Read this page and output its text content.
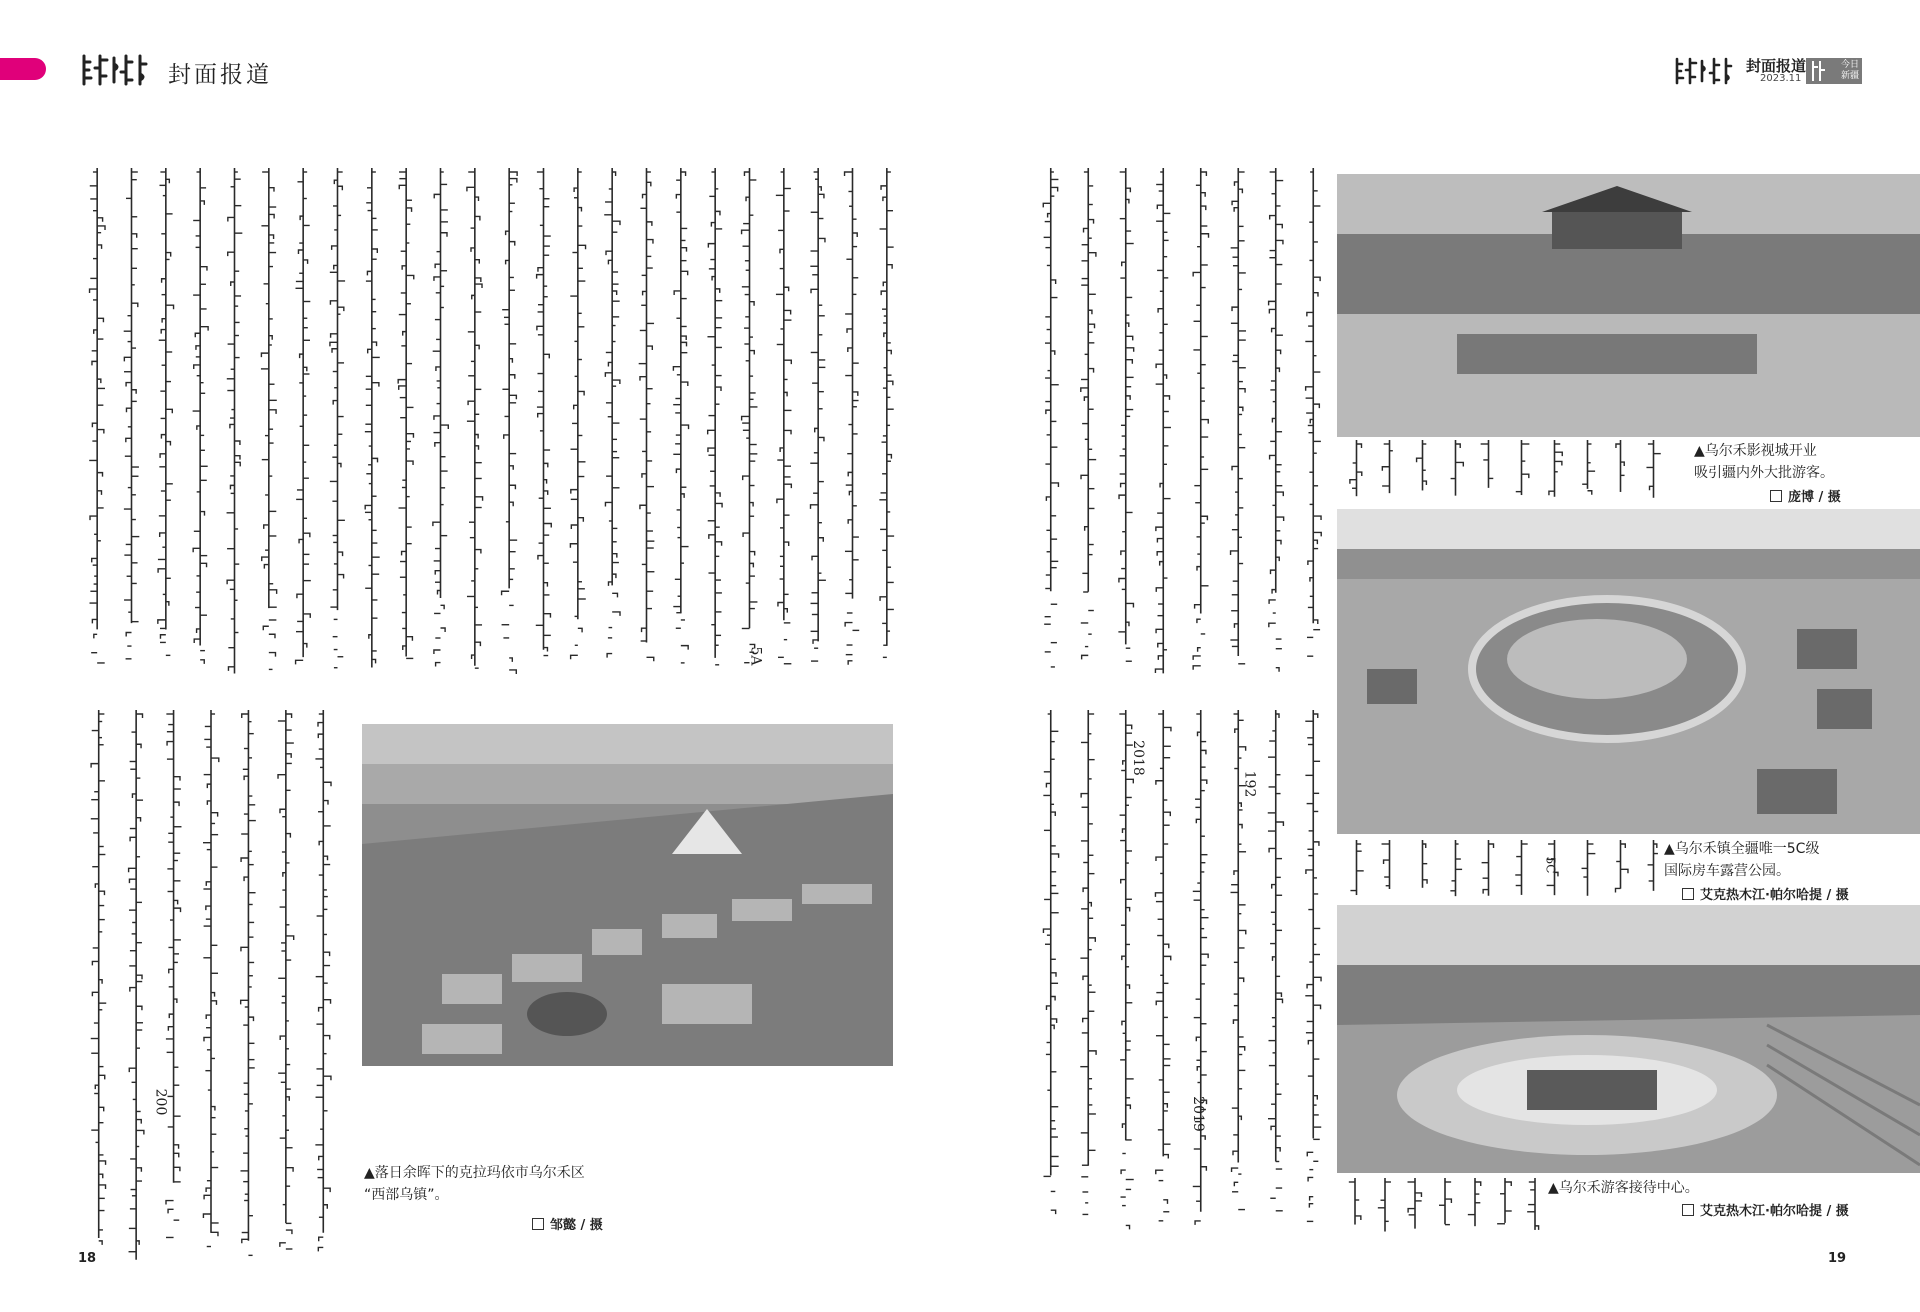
封面报道	封面报道
2023.11
今日
新疆
5A
200
▲落日余晖下的克拉玛依市乌尔禾区
“西部乌镇”。
邹懿 / 摄
18
192
2019
2018
▲乌尔禾影视城开业
吸引疆内外大批游客。
庞博 / 摄
5C
▲乌尔禾镇全疆唯一5C级
国际房车露营公园。
艾克热木江·帕尔哈提 / 摄
▲乌尔禾游客接待中心。
艾克热木江·帕尔哈提 / 摄
19
